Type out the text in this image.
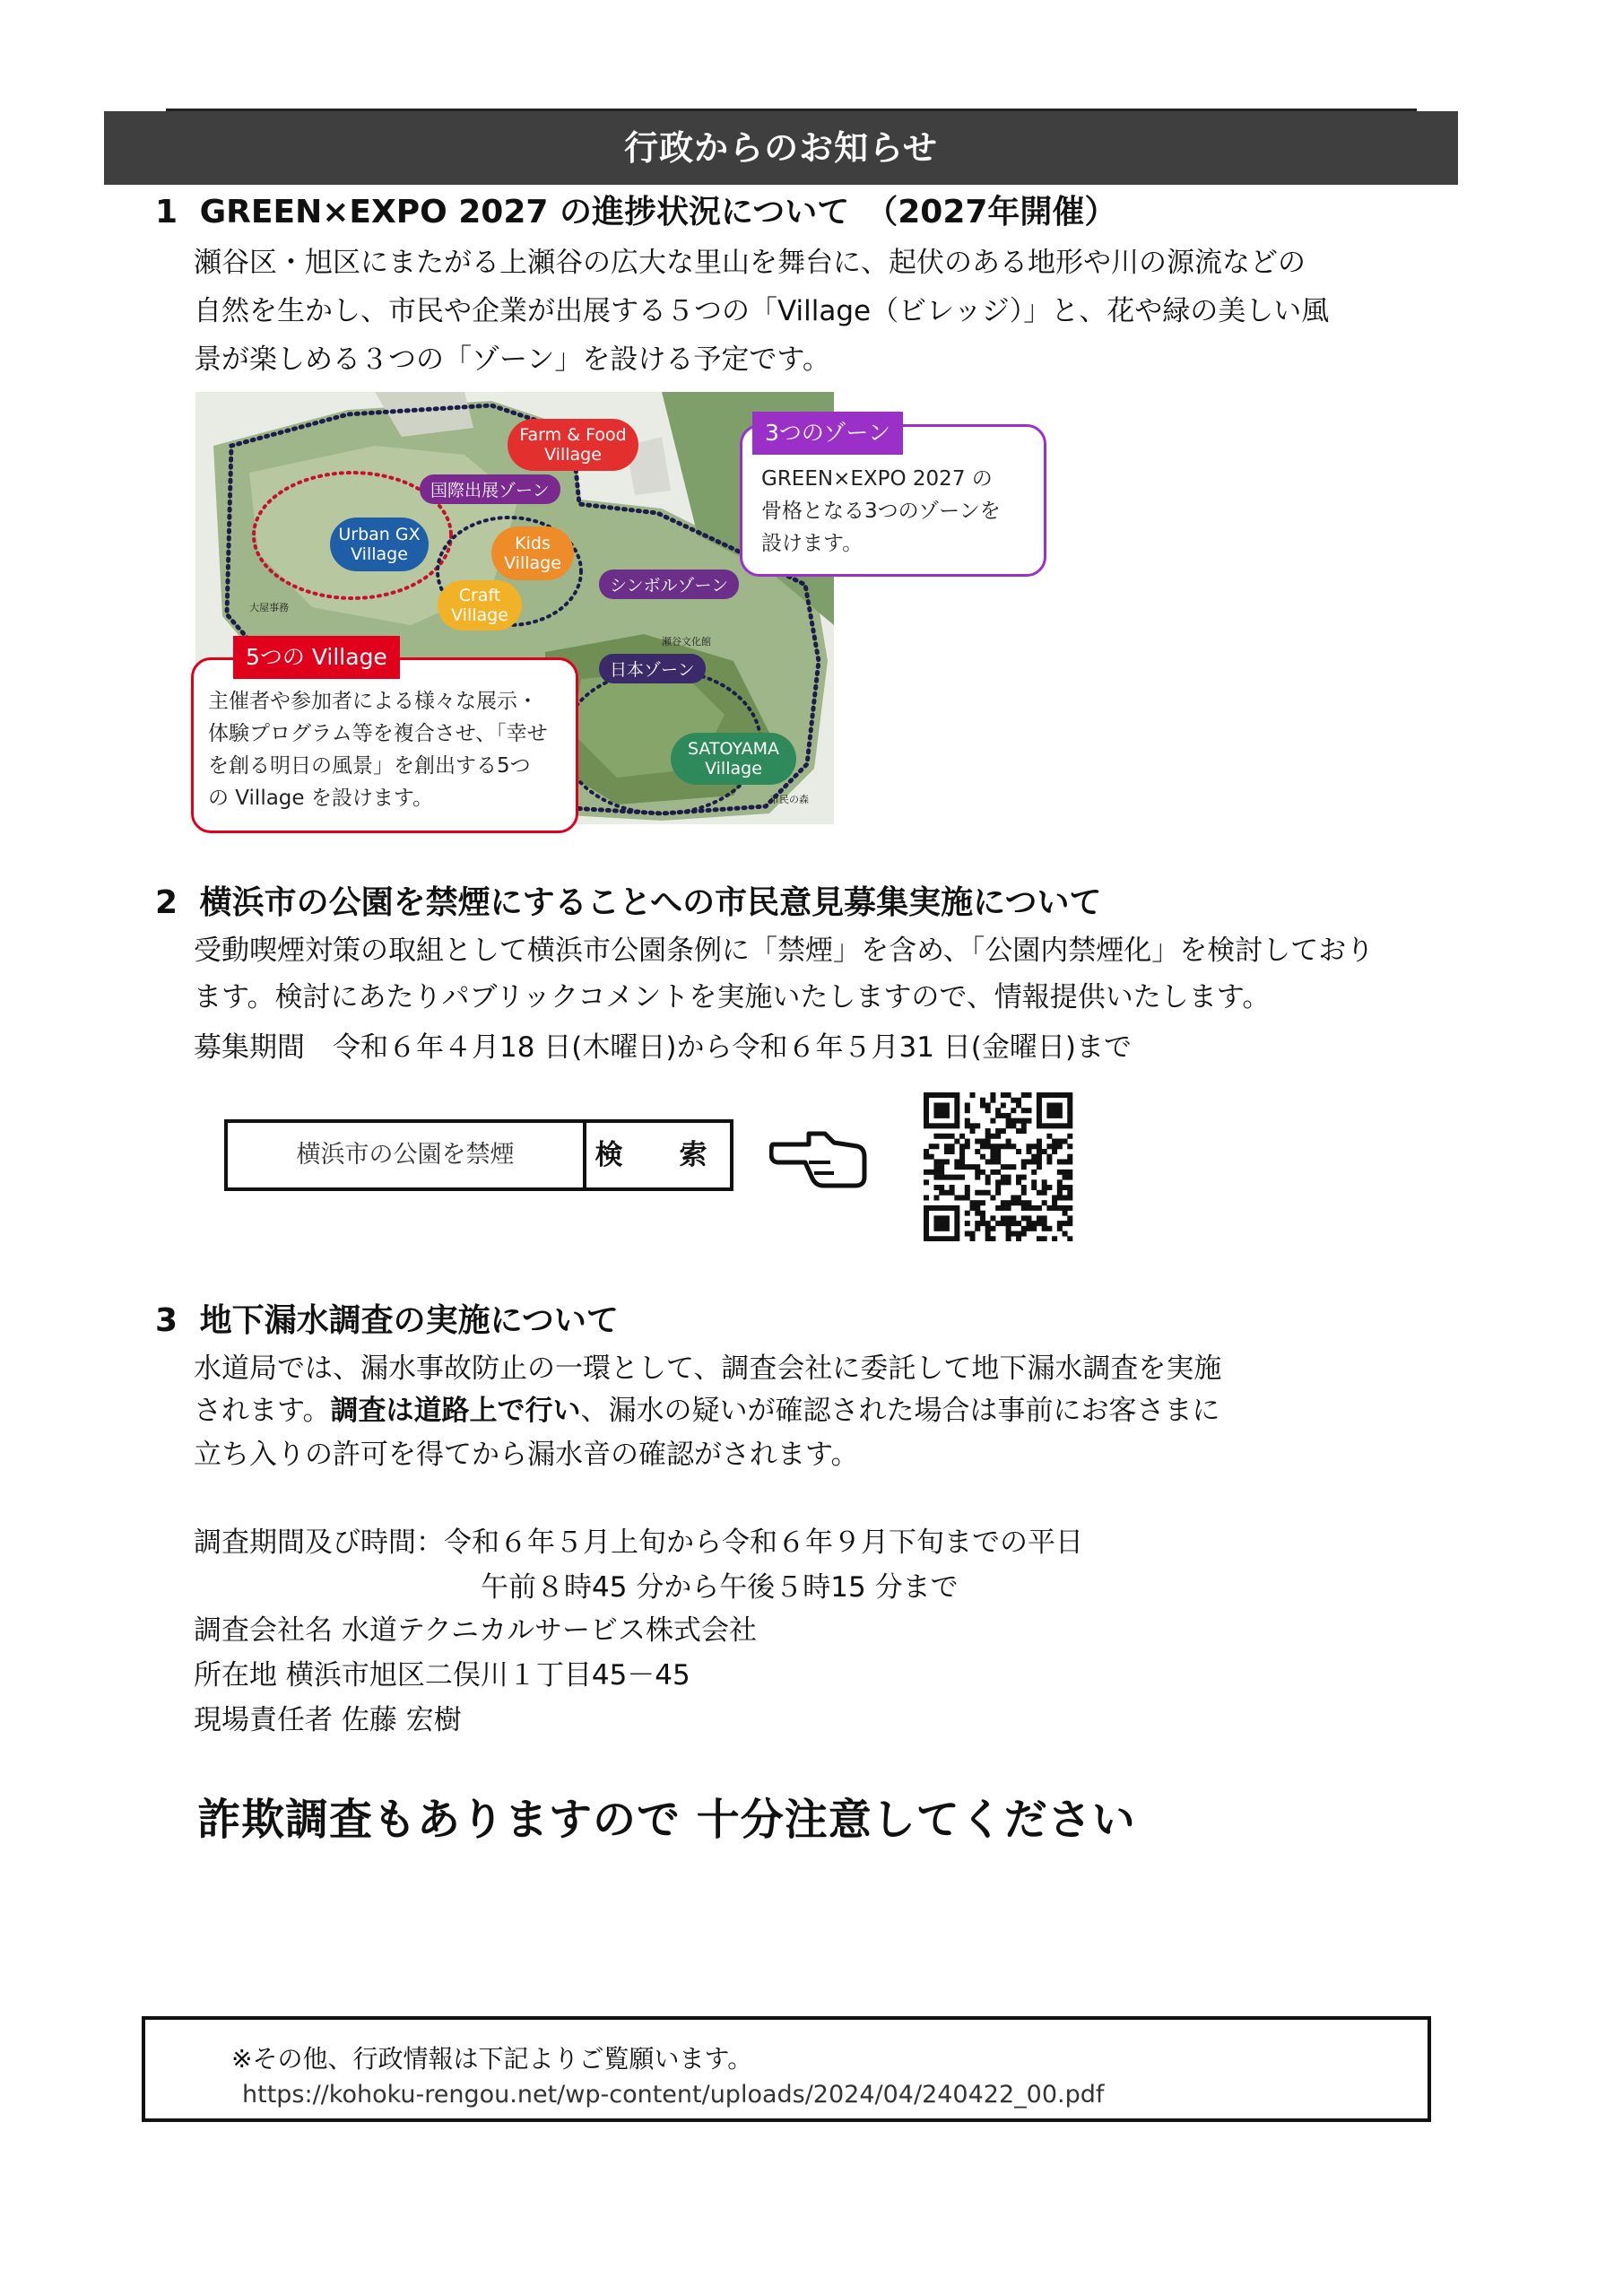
行政からのお知らせ
1 GREEN×EXPO 2027 の進捗状況について　（2027年開催）
瀬谷区・旭区にまたがる上瀬谷の広大な里山を舞台に、起伏のある地形や川の源流などの
自然を生かし、市民や企業が出展する５つの「Village（ビレッジ）」と、花や緑の美しい風
景が楽しめる３つの「ゾーン」を設ける予定です。
Farm & Food
Village
国際出展ゾーン
Urban GX
Village
Kids
Village
Craft
Village
シンボルゾーン
日本ゾーン
SATOYAMA
Village
大屋事務
瀬谷文化館
市民の森
3つのゾーン
GREEN×EXPO 2027 の
骨格となる3つのゾーンを
設けます。
5つの Village
主催者や参加者による様々な展示・
体験プログラム等を複合させ、「幸せ
を創る明日の風景」を創出する5つ
の Village を設けます。
2 横浜市の公園を禁煙にすることへの市民意見募集実施について
受動喫煙対策の取組として横浜市公園条例に「禁煙」を含め、「公園内禁煙化」を検討しており
ます。検討にあたりパブリックコメントを実施いたしますので、情報提供いたします。
募集期間　令和６年４月18 日(木曜日)から令和６年５月31 日(金曜日)まで
横浜市の公園を禁煙	検　索
3 地下漏水調査の実施について
水道局では、漏水事故防止の一環として、調査会社に委託して地下漏水調査を実施
されます。調査は道路上で行い、漏水の疑いが確認された場合は事前にお客さまに
立ち入りの許可を得てから漏水音の確認がされます。
調査期間及び時間：令和６年５月上旬から令和６年９月下旬までの平日
午前８時45 分から午後５時15 分まで
調査会社名 水道テクニカルサービス株式会社
所在地 横浜市旭区二俣川１丁目45－45
現場責任者 佐藤 宏樹
詐欺調査もありますので 十分注意してください
※その他、行政情報は下記よりご覧願います。
https://kohoku-rengou.net/wp-content/uploads/2024/04/240422_00.pdf
